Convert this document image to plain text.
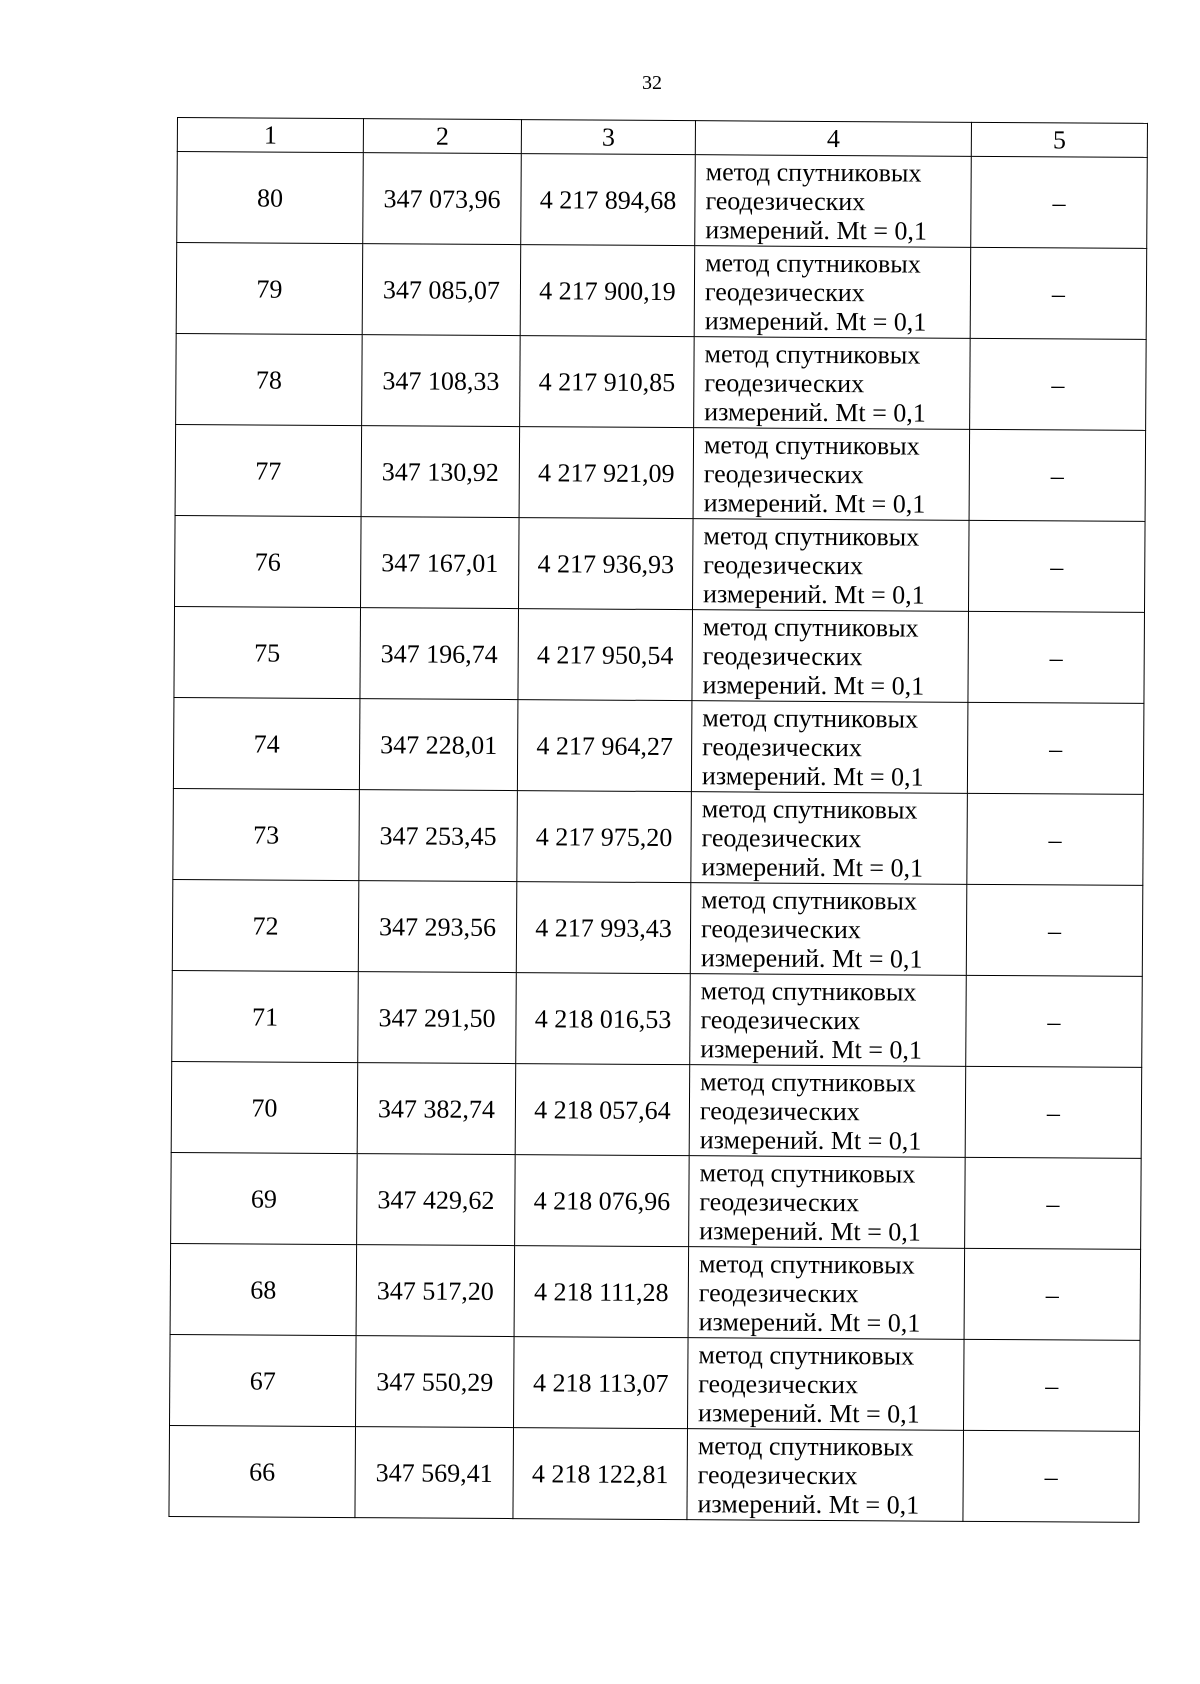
32
1	2	3	4	5
80	347 073,96	4 217 894,68	метод спутниковых
геодезических
измерений. Mt = 0,1	–
79	347 085,07	4 217 900,19	метод спутниковых
геодезических
измерений. Mt = 0,1	–
78	347 108,33	4 217 910,85	метод спутниковых
геодезических
измерений. Mt = 0,1	–
77	347 130,92	4 217 921,09	метод спутниковых
геодезических
измерений. Mt = 0,1	–
76	347 167,01	4 217 936,93	метод спутниковых
геодезических
измерений. Mt = 0,1	–
75	347 196,74	4 217 950,54	метод спутниковых
геодезических
измерений. Mt = 0,1	–
74	347 228,01	4 217 964,27	метод спутниковых
геодезических
измерений. Mt = 0,1	–
73	347 253,45	4 217 975,20	метод спутниковых
геодезических
измерений. Mt = 0,1	–
72	347 293,56	4 217 993,43	метод спутниковых
геодезических
измерений. Mt = 0,1	–
71	347 291,50	4 218 016,53	метод спутниковых
геодезических
измерений. Mt = 0,1	–
70	347 382,74	4 218 057,64	метод спутниковых
геодезических
измерений. Mt = 0,1	–
69	347 429,62	4 218 076,96	метод спутниковых
геодезических
измерений. Mt = 0,1	–
68	347 517,20	4 218 111,28	метод спутниковых
геодезических
измерений. Mt = 0,1	–
67	347 550,29	4 218 113,07	метод спутниковых
геодезических
измерений. Mt = 0,1	–
66	347 569,41	4 218 122,81	метод спутниковых
геодезических
измерений. Mt = 0,1	–
